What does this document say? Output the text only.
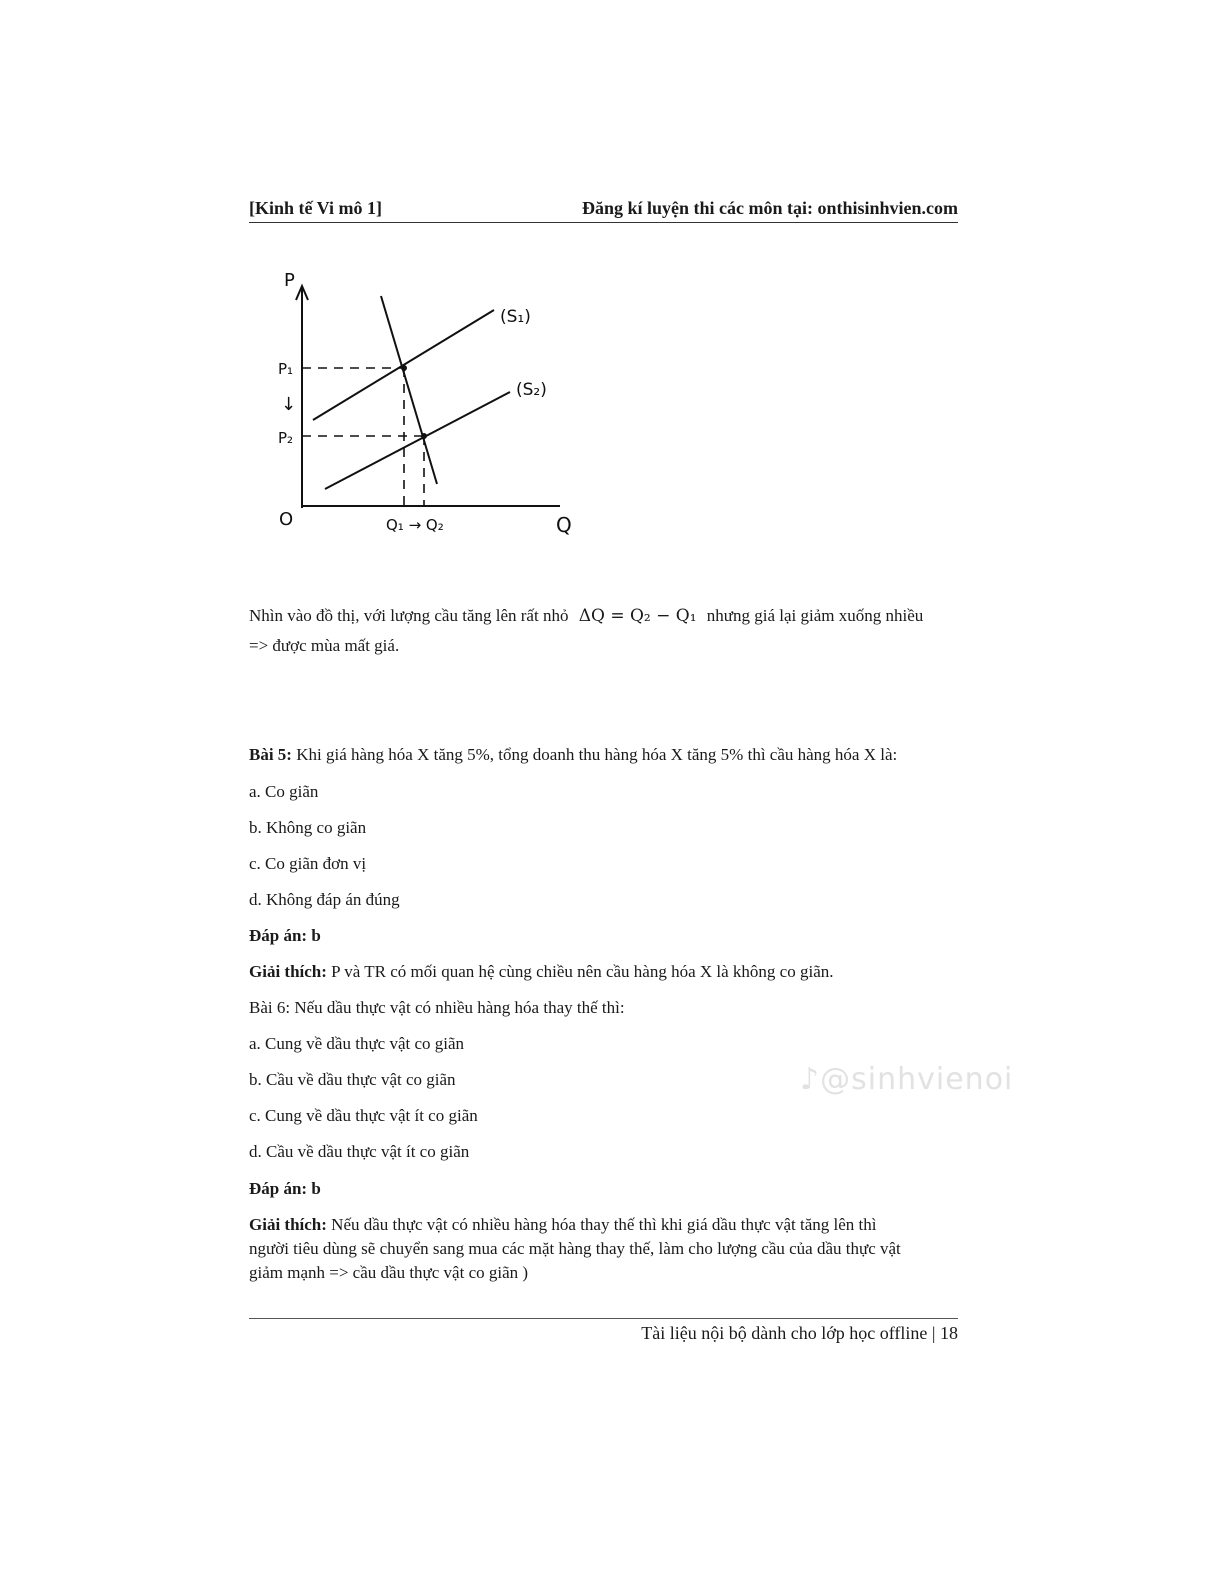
[Kinh tế Vi mô 1]	Đăng kí luyện thi các môn tại: onthisinhvien.com
P
P₁
↓
P₂
O	Q₁ → Q₂	Q
(S₁)
(S₂)
Nhìn vào đồ thị, với lượng cầu tăng lên rất nhỏ ΔQ = Q₂ − Q₁ nhưng giá lại giảm xuống nhiều
=> được mùa mất giá.
Bài 5: Khi giá hàng hóa X tăng 5%, tổng doanh thu hàng hóa X tăng 5% thì cầu hàng hóa X là:
a. Co giãn
b. Không co giãn
c. Co giãn đơn vị
d. Không đáp án đúng
Đáp án: b
Giải thích: P và TR có mối quan hệ cùng chiều nên cầu hàng hóa X là không co giãn.
Bài 6: Nếu dầu thực vật có nhiều hàng hóa thay thế thì:
a. Cung về dầu thực vật co giãn
b. Cầu về dầu thực vật co giãn
c. Cung về dầu thực vật ít co giãn
d. Cầu về dầu thực vật ít co giãn
Đáp án: b
Giải thích: Nếu dầu thực vật có nhiều hàng hóa thay thế thì khi giá dầu thực vật tăng lên thì
người tiêu dùng sẽ chuyển sang mua các mặt hàng thay thế, làm cho lượng cầu của dầu thực vật
giảm mạnh => cầu dầu thực vật co giãn )
♪@sinhvienoi
Tài liệu nội bộ dành cho lớp học offline | 18
